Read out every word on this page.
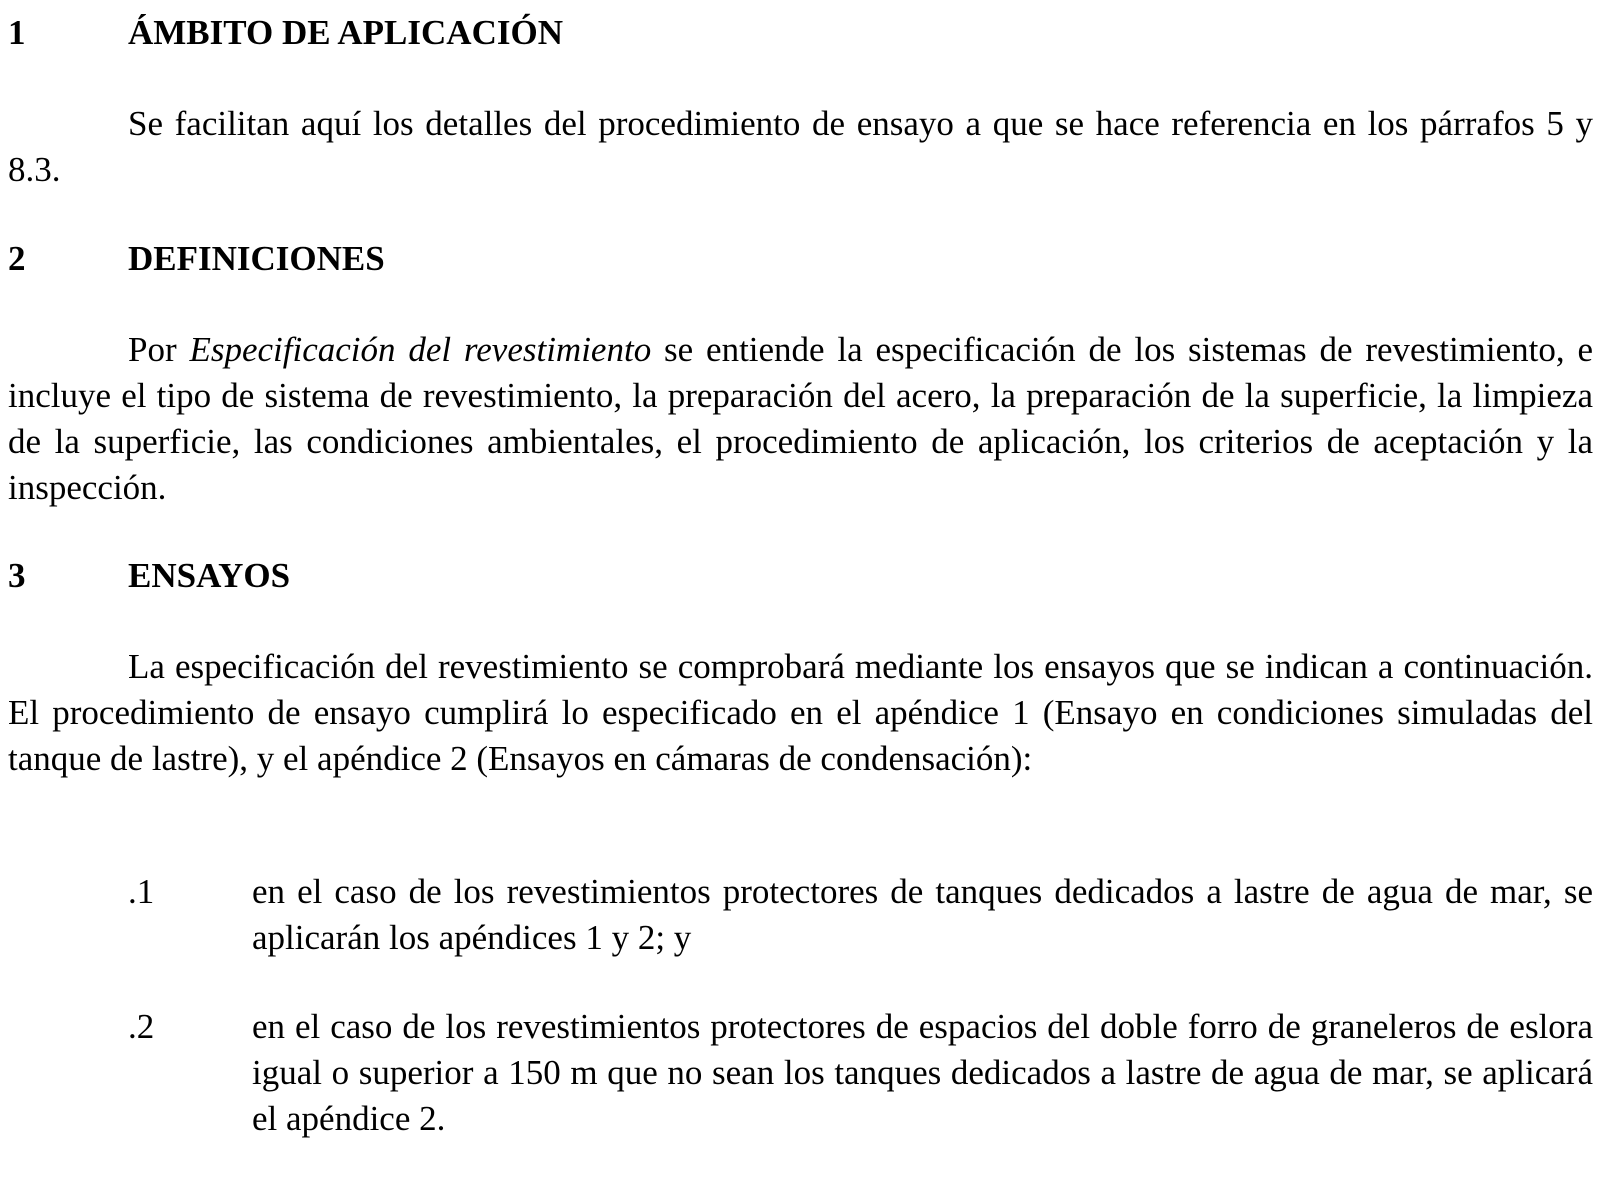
1	ÁMBITO DE APLICACIÓN
Se facilitan aquí los detalles del procedimiento de ensayo a que se hace referencia en los párrafos 5 y 8.3.
2	DEFINICIONES
Por Especificación del revestimiento se entiende la especificación de los sistemas de revestimiento, e incluye el tipo de sistema de revestimiento, la preparación del acero, la preparación de la superficie, la limpieza de la superficie, las condiciones ambientales, el procedimiento de aplicación, los criterios de aceptación y la inspección.
3	ENSAYOS
La especificación del revestimiento se comprobará mediante los ensayos que se indican a continuación. El procedimiento de ensayo cumplirá lo especificado en el apéndice 1 (Ensayo en condiciones simuladas del tanque de lastre), y el apéndice 2 (Ensayos en cámaras de condensación):
.1	en el caso de los revestimientos protectores de tanques dedicados a lastre de agua de mar, se aplicarán los apéndices 1 y 2; y
.2	en el caso de los revestimientos protectores de espacios del doble forro de graneleros de eslora igual o superior a 150 m que no sean los tanques dedicados a lastre de agua de mar, se aplicará el apéndice 2.
